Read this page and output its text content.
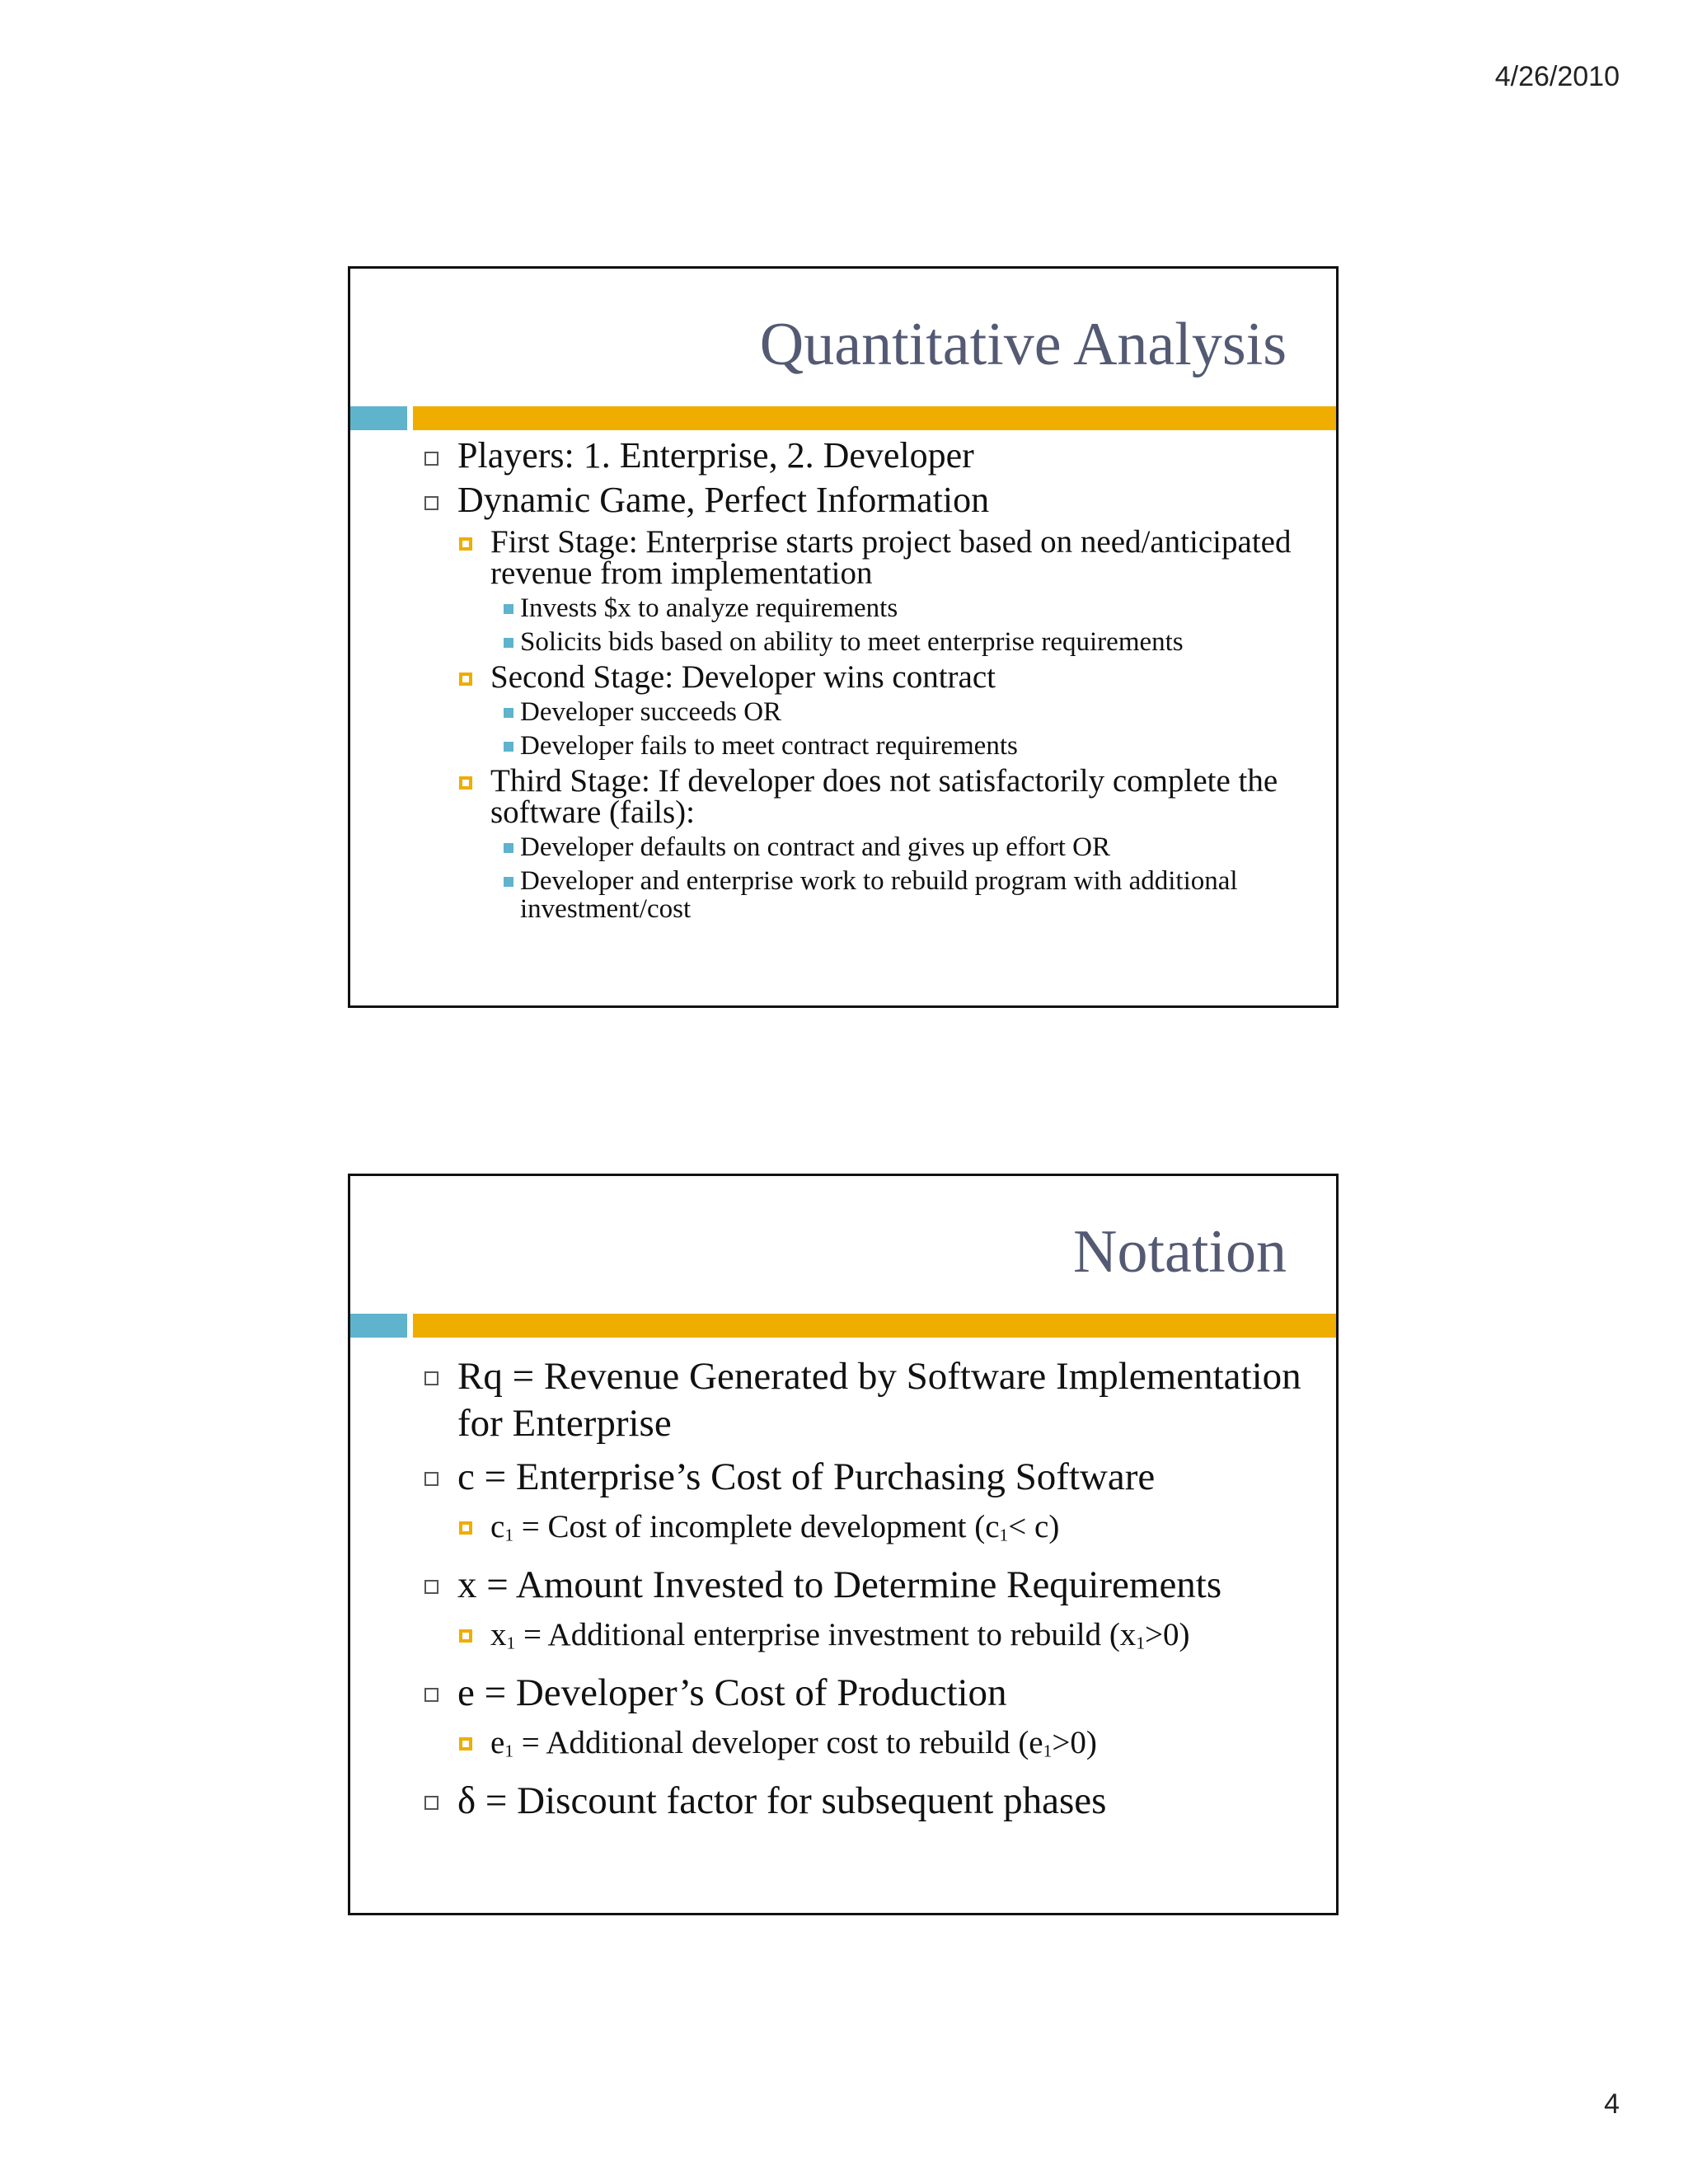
4/26/2010
Quantitative Analysis
Players: 1. Enterprise, 2. Developer
Dynamic Game, Perfect Information
First Stage: Enterprise starts project based on need/anticipated revenue from implementation
Invests $x to analyze requirements
Solicits bids based on ability to meet enterprise requirements
Second Stage: Developer wins contract
Developer succeeds OR
Developer fails to meet contract requirements
Third Stage: If developer does not satisfactorily complete the software (fails):
Developer defaults on contract and gives up effort OR
Developer and enterprise work to rebuild program with additional investment/cost
Notation
Rq = Revenue Generated by Software Implementation for Enterprise
c = Enterprise’s Cost of Purchasing Software
$c_1$ = Cost of incomplete development $(c_1< c)$
x = Amount Invested to Determine Requirements
$x_1$ = Additional enterprise investment to rebuild $(x_1>0)$
e = Developer’s Cost of Production
$e_1$ = Additional developer cost to rebuild $(e_1>0)$
δ = Discount factor for subsequent phases
4
